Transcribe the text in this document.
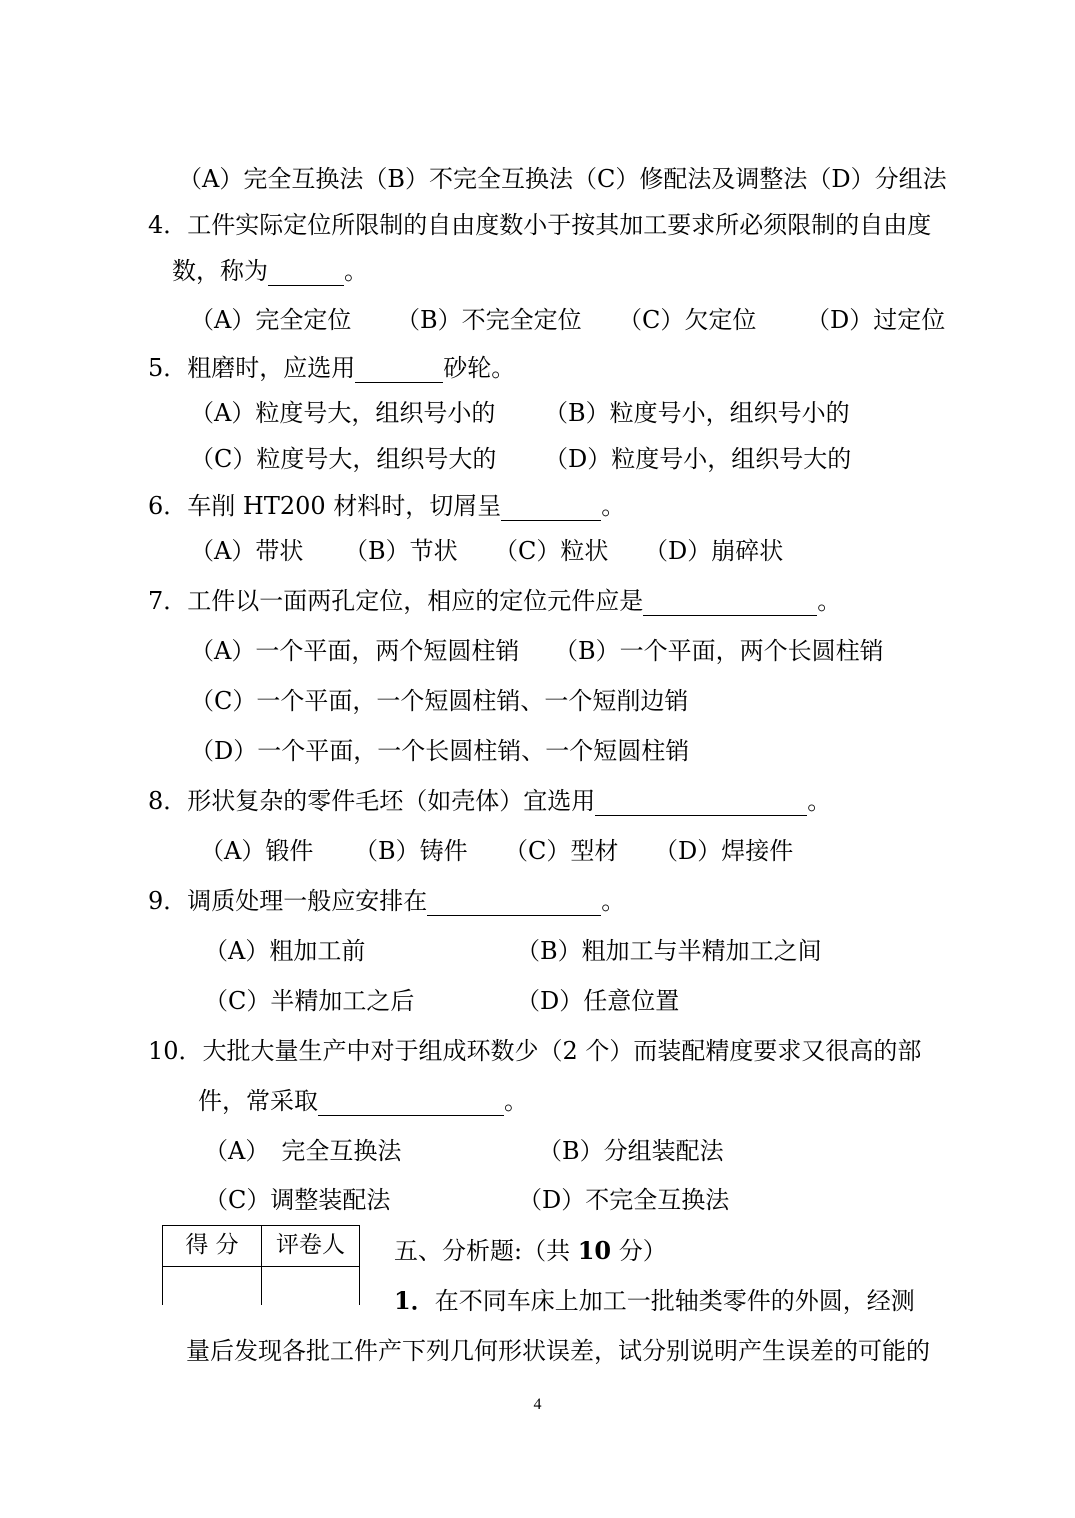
（A）完全互换法（B）不完全互换法（C）修配法及调整法（D）分组法
4．工件实际定位所限制的自由度数小于按其加工要求所必须限制的自由度
数，称为	。
（A）完全定位 （B）不完全定位 （C）欠定位 （D）过定位
5．粗磨时，应选用	砂轮。
（A）粒度号大，组织号小的 （B）粒度号小，组织号小的
（C）粒度号大，组织号大的 （D）粒度号小，组织号大的
6．车削 HT200 材料时，切屑呈	。
（A）带状 （B）节状 （C）粒状 （D）崩碎状
7．工件以一面两孔定位，相应的定位元件应是	。
（A）一个平面，两个短圆柱销 （B）一个平面，两个长圆柱销
（C）一个平面，一个短圆柱销、一个短削边销
（D）一个平面，一个长圆柱销、一个短圆柱销
8．形状复杂的零件毛坯（如壳体）宜选用	。
（A）锻件 （B）铸件 （C）型材 （D）焊接件
9．调质处理一般应安排在	。
（A）粗加工前	（B）粗加工与半精加工之间
（C）半精加工之后	（D）任意位置
10．大批大量生产中对于组成环数少（2 个）而装配精度要求又很高的部
件，常采取	。
（A）　完全互换法	（B）分组装配法
（C）调整装配法	（D）不完全互换法
得 分	评卷人	五、分析题:（共 10 分）
1．在不同车床上加工一批轴类零件的外圆，经测
量后发现各批工件产下列几何形状误差，试分别说明产生误差的可能的
4
